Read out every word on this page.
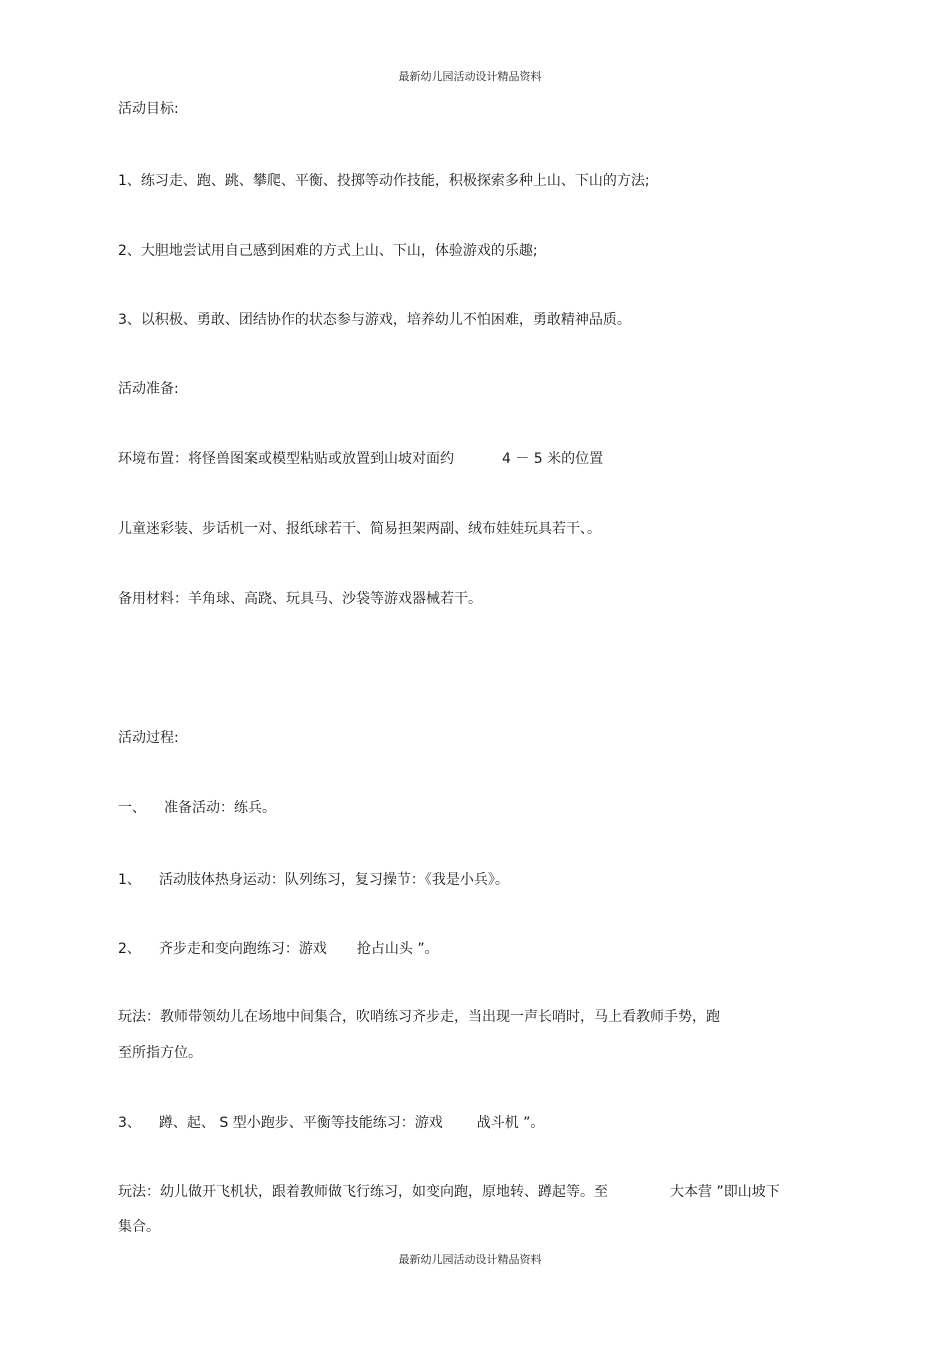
最新幼儿园活动设计精品资料
活动目标:
1、练习走、跑、跳、攀爬、平衡、投掷等动作技能，积极探索多种上山、下山的方法;
2、大胆地尝试用自己感到困难的方式上山、下山，体验游戏的乐趣;
3、以积极、勇敢、团结协作的状态参与游戏，培养幼儿不怕困难，勇敢精神品质。
活动准备:
环境布置：将怪兽图案或模型粘贴或放置到山坡对面约	4 － 5 米的位置
儿童迷彩装、步话机一对、报纸球若干、简易担架两副、绒布娃娃玩具若干、。
备用材料：羊角球、高跷、玩具马、沙袋等游戏器械若干。
活动过程:
一、 准备活动：练兵。
1、 活动肢体热身运动：队列练习，复习操节：《我是小兵》。
2、 齐步走和变向跑练习：游戏 抢占山头 ”。
玩法：教师带领幼儿在场地中间集合，吹哨练习齐步走，当出现一声长哨时，马上看教师手势，跑
至所指方位。
3、 蹲、起、 S 型小跑步、平衡等技能练习：游戏 战斗机 ”。
玩法：幼儿做开飞机状，跟着教师做飞行练习，如变向跑，原地转、蹲起等。至	大本营 ”即山坡下
集合。
最新幼儿园活动设计精品资料
